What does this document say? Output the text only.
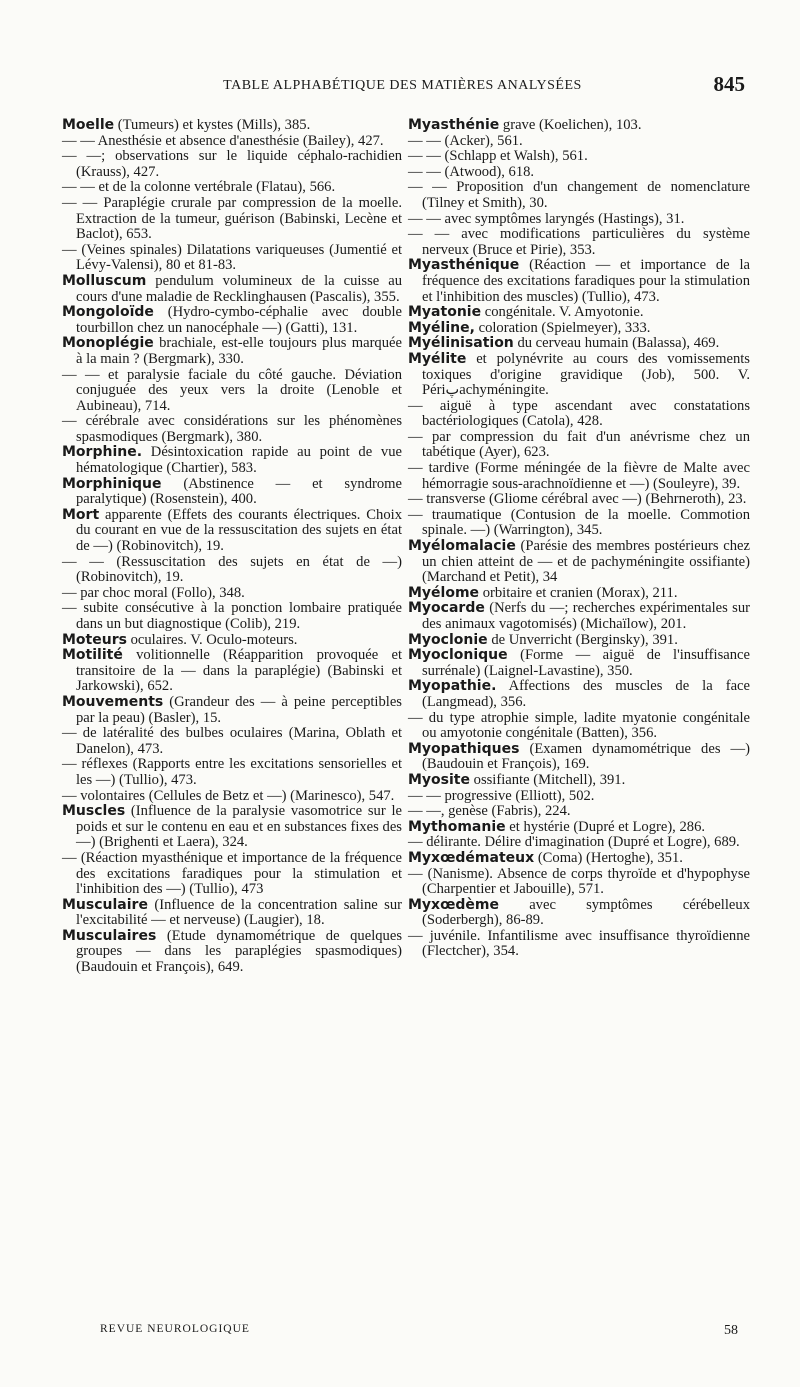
TABLE ALPHABÉTIQUE DES MATIÈRES ANALYSÉES	845
Moelle (Tumeurs) et kystes (Mills), 385.
— — Anesthésie et absence d'anesthésie (Bailey), 427.
— —; observations sur le liquide céphalo-rachidien (Krauss), 427.
— — et de la colonne vertébrale (Flatau), 566.
— — Paraplégie crurale par compression de la moelle. Extraction de la tumeur, guérison (Babinski, Lecène et Baclot), 653.
— (Veines spinales) Dilatations variqueuses (Jumentié et Lévy-Valensi), 80 et 81-83.
Molluscum pendulum volumineux de la cuisse au cours d'une maladie de Recklinghausen (Pascalis), 355.
Mongoloïde (Hydro-cymbo-céphalie avec double tourbillon chez un nanocéphale —) (Gatti), 131.
Monoplégie brachiale, est-elle toujours plus marquée à la main ? (Bergmark), 330.
— — et paralysie faciale du côté gauche. Déviation conjuguée des yeux vers la droite (Lenoble et Aubineau), 714.
— cérébrale avec considérations sur les phénomènes spasmodiques (Bergmark), 380.
Morphine. Désintoxication rapide au point de vue hématologique (Chartier), 583.
Morphinique (Abstinence — et syndrome paralytique) (Rosenstein), 400.
Mort apparente (Effets des courants électriques. Choix du courant en vue de la ressuscitation des sujets en état de —) (Robinovitch), 19.
— — (Ressuscitation des sujets en état de —) (Robinovitch), 19.
— par choc moral (Follo), 348.
— subite consécutive à la ponction lombaire pratiquée dans un but diagnostique (Colib), 219.
Moteurs oculaires. V. Oculo-moteurs.
Motilité volitionnelle (Réapparition provoquée et transitoire de la — dans la paraplégie) (Babinski et Jarkowski), 652.
Mouvements (Grandeur des — à peine perceptibles par la peau) (Basler), 15.
— de latéralité des bulbes oculaires (Marina, Oblath et Danelon), 473.
— réflexes (Rapports entre les excitations sensorielles et les —) (Tullio), 473.
— volontaires (Cellules de Betz et —) (Marinesco), 547.
Muscles (Influence de la paralysie vasomotrice sur le poids et sur le contenu en eau et en substances fixes des —) (Brighenti et Laera), 324.
— (Réaction myasthénique et importance de la fréquence des excitations faradiques pour la stimulation et l'inhibition des —) (Tullio), 473
Musculaire (Influence de la concentration saline sur l'excitabilité — et nerveuse) (Laugier), 18.
Musculaires (Etude dynamométrique de quelques groupes — dans les paraplégies spasmodiques) (Baudouin et François), 649.
Myasthénie grave (Koelichen), 103.
— — (Acker), 561.
— — (Schlapp et Walsh), 561.
— — (Atwood), 618.
— — Proposition d'un changement de nomenclature (Tilney et Smith), 30.
— — avec symptômes laryngés (Hastings), 31.
— — avec modifications particulières du système nerveux (Bruce et Pirie), 353.
Myasthénique (Réaction — et importance de la fréquence des excitations faradiques pour la stimulation et l'inhibition des muscles) (Tullio), 473.
Myatonie congénitale. V. Amyotonie.
Myéline, coloration (Spielmeyer), 333.
Myélinisation du cerveau humain (Balassa), 469.
Myélite et polynévrite au cours des vomissements toxiques d'origine gravidique (Job), 500. V. Périپachyméningite.
— aiguë à type ascendant avec constatations bactériologiques (Catola), 428.
— par compression du fait d'un anévrisme chez un tabétique (Ayer), 623.
— tardive (Forme méningée de la fièvre de Malte avec hémorragie sous-arachnoïdienne et —) (Souleyre), 39.
— transverse (Gliome cérébral avec —) (Behrneroth), 23.
— traumatique (Contusion de la moelle. Commotion spinale. —) (Warrington), 345.
Myélomalacie (Parésie des membres postérieurs chez un chien atteint de — et de pachyméningite ossifiante) (Marchand et Petit), 34
Myélome orbitaire et cranien (Morax), 211.
Myocarde (Nerfs du —; recherches expérimentales sur des animaux vagotomisés) (Michaïlow), 201.
Myoclonie de Unverricht (Berginsky), 391.
Myoclonique (Forme — aiguë de l'insuffisance surrénale) (Laignel-Lavastine), 350.
Myopathie. Affections des muscles de la face (Langmead), 356.
— du type atrophie simple, ladite myatonie congénitale ou amyotonie congénitale (Batten), 356.
Myopathiques (Examen dynamométrique des —) (Baudouin et François), 169.
Myosite ossifiante (Mitchell), 391.
— — progressive (Elliott), 502.
— —, genèse (Fabris), 224.
Mythomanie et hystérie (Dupré et Logre), 286.
— délirante. Délire d'imagination (Dupré et Logre), 689.
Myxœdémateux (Coma) (Hertoghe), 351.
— (Nanisme). Absence de corps thyroïde et d'hypophyse (Charpentier et Jabouille), 571.
Myxœdème avec symptômes cérébelleux (Soderbergh), 86-89.
— juvénile. Infantilisme avec insuffisance thyroïdienne (Flectcher), 354.
REVUE NEUROLOGIQUE	58
